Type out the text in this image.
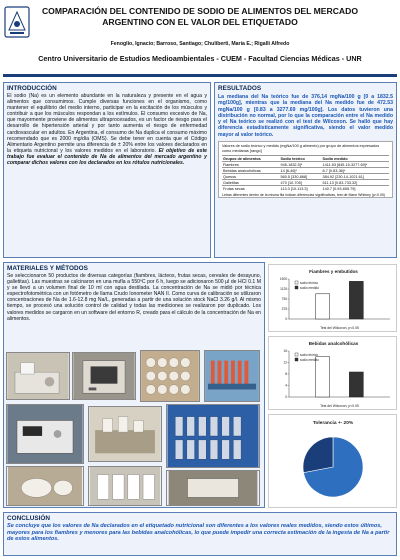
COMPARACIÓN DEL CONTENIDO DE SODIO DE ALIMENTOS DEL MERCADO ARGENTINO CON EL VALOR DEL ETIQUETADO
Fenoglio, Ignacio; Barroso, Santiago; Chuliberti, María E.; Rigalli Alfredo
Centro Universitario de Estudios Medioambientales - CUEM - Facultad Ciencias Médicas - UNR
INTRODUCCIÓN
El sodio (Na) es un elemento abundante en la naturaleza y presente en el agua y alimentos que consumimos. Cumple diversas funciones en el organismo, como mantener el equilibrio del medio interno, participar en la excitación de los músculos y contribuir a que los músculos respondan a los estímulos. El consumo excesivo de Na, que mayormente proviene de alimentos ultraprocesados, es un factor de riesgo para el desarrollo de hipertensión arterial y por tanto aumenta el riesgo de enfermedad cardiovascular en adultos. En Argentina, el consumo de Na duplica el consumo máximo recomendado que es 2000 mg/día (OMS). Se debe tener en cuenta que el Código Alimentario Argentino permite una diferencia de ± 20% entre los valores declarados en la etiqueta nutricional y los valores medidos en el laboratorio. El objetivo de este trabajo fue evaluar el contenido de Na de alimentos del mercado argentino y comparar dichos valores con los declarados en los rótulos nutricionales.
RESULTADOS
La mediana del Na teórico fue de 376,14 mgNa/100 g [0 a 1832.5 mg/100g], mientras que la mediana del Na medido fue de 472.53 mgNa/100 g [0.83 a 3277.69 mg/100g]. Los datos tuvieron una distribución no normal, por lo que la comparación entre el Na medido y el Na teórico se realizó con el test de Wilcoxon. Se halló que hay diferencia estadísticamente significativa, siendo el valor medido mayor al valor teórico.
Valores de sodio teórico y medido (mgNa/100 g alimento) por grupo de alimentos expresados como medianas [rango]
Grupos de alimentos	Sodio teórico	Sodio medido
Fiambres	945-1832.5]*	1411.53 [845.15-3277.69]*
Bebidas analcohólicas	14 [6-46]*	8.7 [0.83-36]*
Quesos	560.5 [330-868]	384.92 [230.14-1021.61]
Galletitas	470 [10-705]	511.13 [0.83-733.32]
Frutas secas	113.3 [10-113.3]	140.7 [0.93-655.79]
Letras diferentes dentro de la misma fila indican diferencias significativas, test de Mann Whitney (p<0.05)
MATERIALES Y MÉTODOS
Se seleccionaron 50 productos de diversas categorías (fiambres, lácteos, frutas secas, cereales de desayuno, galletitas). Las muestras se calcinaron en una mufla a 550ºC por 6 h, luego se adicionaron 500 µl de HCl 0.1 M y se llevó a un volumen final de 10 ml con agua destilada. La concentración de Na se midió por técnica espectrofotométrica con un fotómetro de llama Crudo Ionometer NAN II. Como curva de calibración se utilizaron concentraciones de Na de 1.6-12.8 mg Na/L, generadas a partir de una solución stock NaCl 3.26 g/l. Al mismo tiempo, se procesó una solución control de calidad y todas las mediciones se realizaron por duplicado. Los valores medidos se cargaron en un software del entorno R, creado para el cálculo de la concentración de Na en alimentos.
Fiambres y embutidos
0
375
750
1125
1500
sodio teórico
sodio medido
Test del Wilcoxon, p<0.05
Bebidas analcohólicas
0
4
8
12
16
sodio teórico
sodio medido
Test del Wilcoxon, p<0.05
Tolerancia +- 20%
CONCLUSIÓN
Se concluye que los valores de Na declarados en el etiquetado nutricional son diferentes a los valores reales medidos, siendo estos últimos, mayores para los fiambres y menores para las bebidas analcohólicas, lo que puede impedir una correcta estimación de la ingesta de Na a partir de estos alimentos.
